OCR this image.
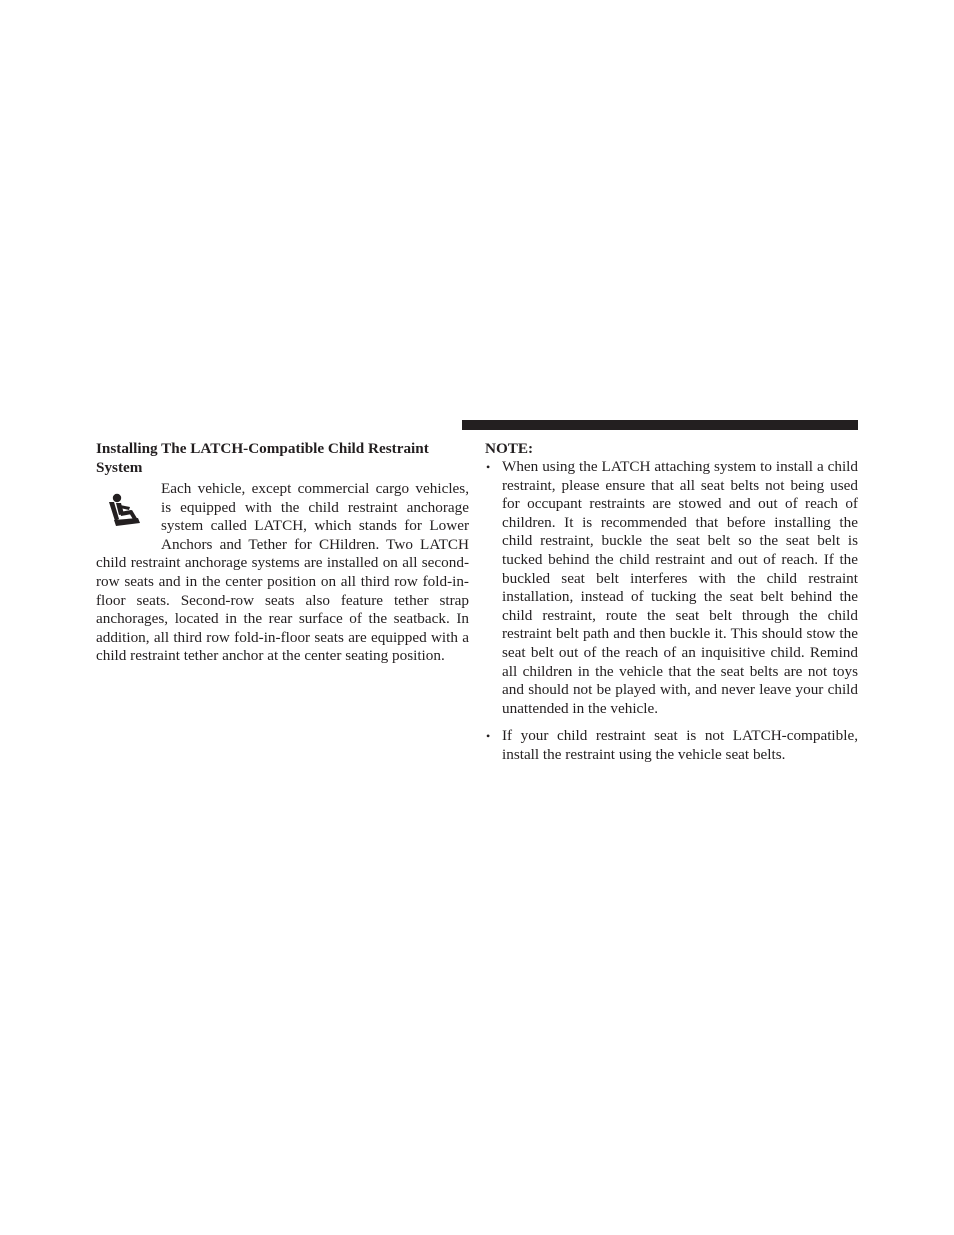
Installing The LATCH-Compatible Child Restraint System

Each vehicle, except commercial cargo vehicles, is equipped with the child restraint anchorage system called LATCH, which stands for Lower Anchors and Tether for CHildren. Two LATCH child restraint anchorage systems are installed on all second-row seats and in the center position on all third row fold-in-floor seats. Second-row seats also feature tether strap anchorages, located in the rear surface of the seatback. In addition, all third row fold-in-floor seats are equipped with a child restraint tether anchor at the center seating position.

NOTE:

• When using the LATCH attaching system to install a child restraint, please ensure that all seat belts not being used for occupant restraints are stowed and out of reach of children. It is recommended that before installing the child restraint, buckle the seat belt so the seat belt is tucked behind the child restraint and out of reach. If the buckled seat belt interferes with the child restraint installation, instead of tucking the seat belt behind the child restraint, route the seat belt through the child restraint belt path and then buckle it. This should stow the seat belt out of the reach of an inquisitive child. Remind all children in the vehicle that the seat belts are not toys and should not be played with, and never leave your child unattended in the vehicle.
• If your child restraint seat is not LATCH-compatible, install the restraint using the vehicle seat belts.
